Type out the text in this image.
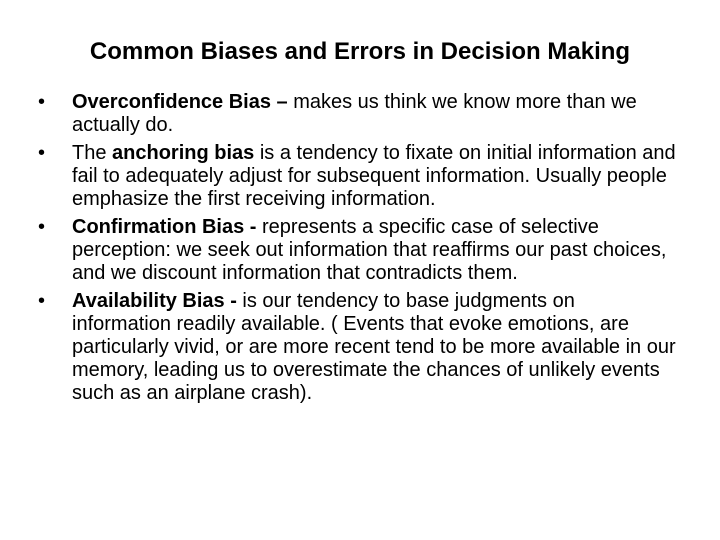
Common Biases and Errors in Decision Making
• Overconfidence Bias – makes us think we know more than we actually do.
• The anchoring bias is a tendency to fixate on initial information and fail to adequately adjust for subsequent information. Usually people emphasize the first receiving information.
• Confirmation Bias - represents a specific case of selective perception: we seek out information that reaffirms our past choices, and we discount information that contradicts them.
• Availability Bias - is our tendency to base judgments on information readily available. ( Events that evoke emotions, are particularly vivid, or are more recent tend to be more available in our memory, leading us to overestimate the chances of unlikely events such as an airplane crash).
